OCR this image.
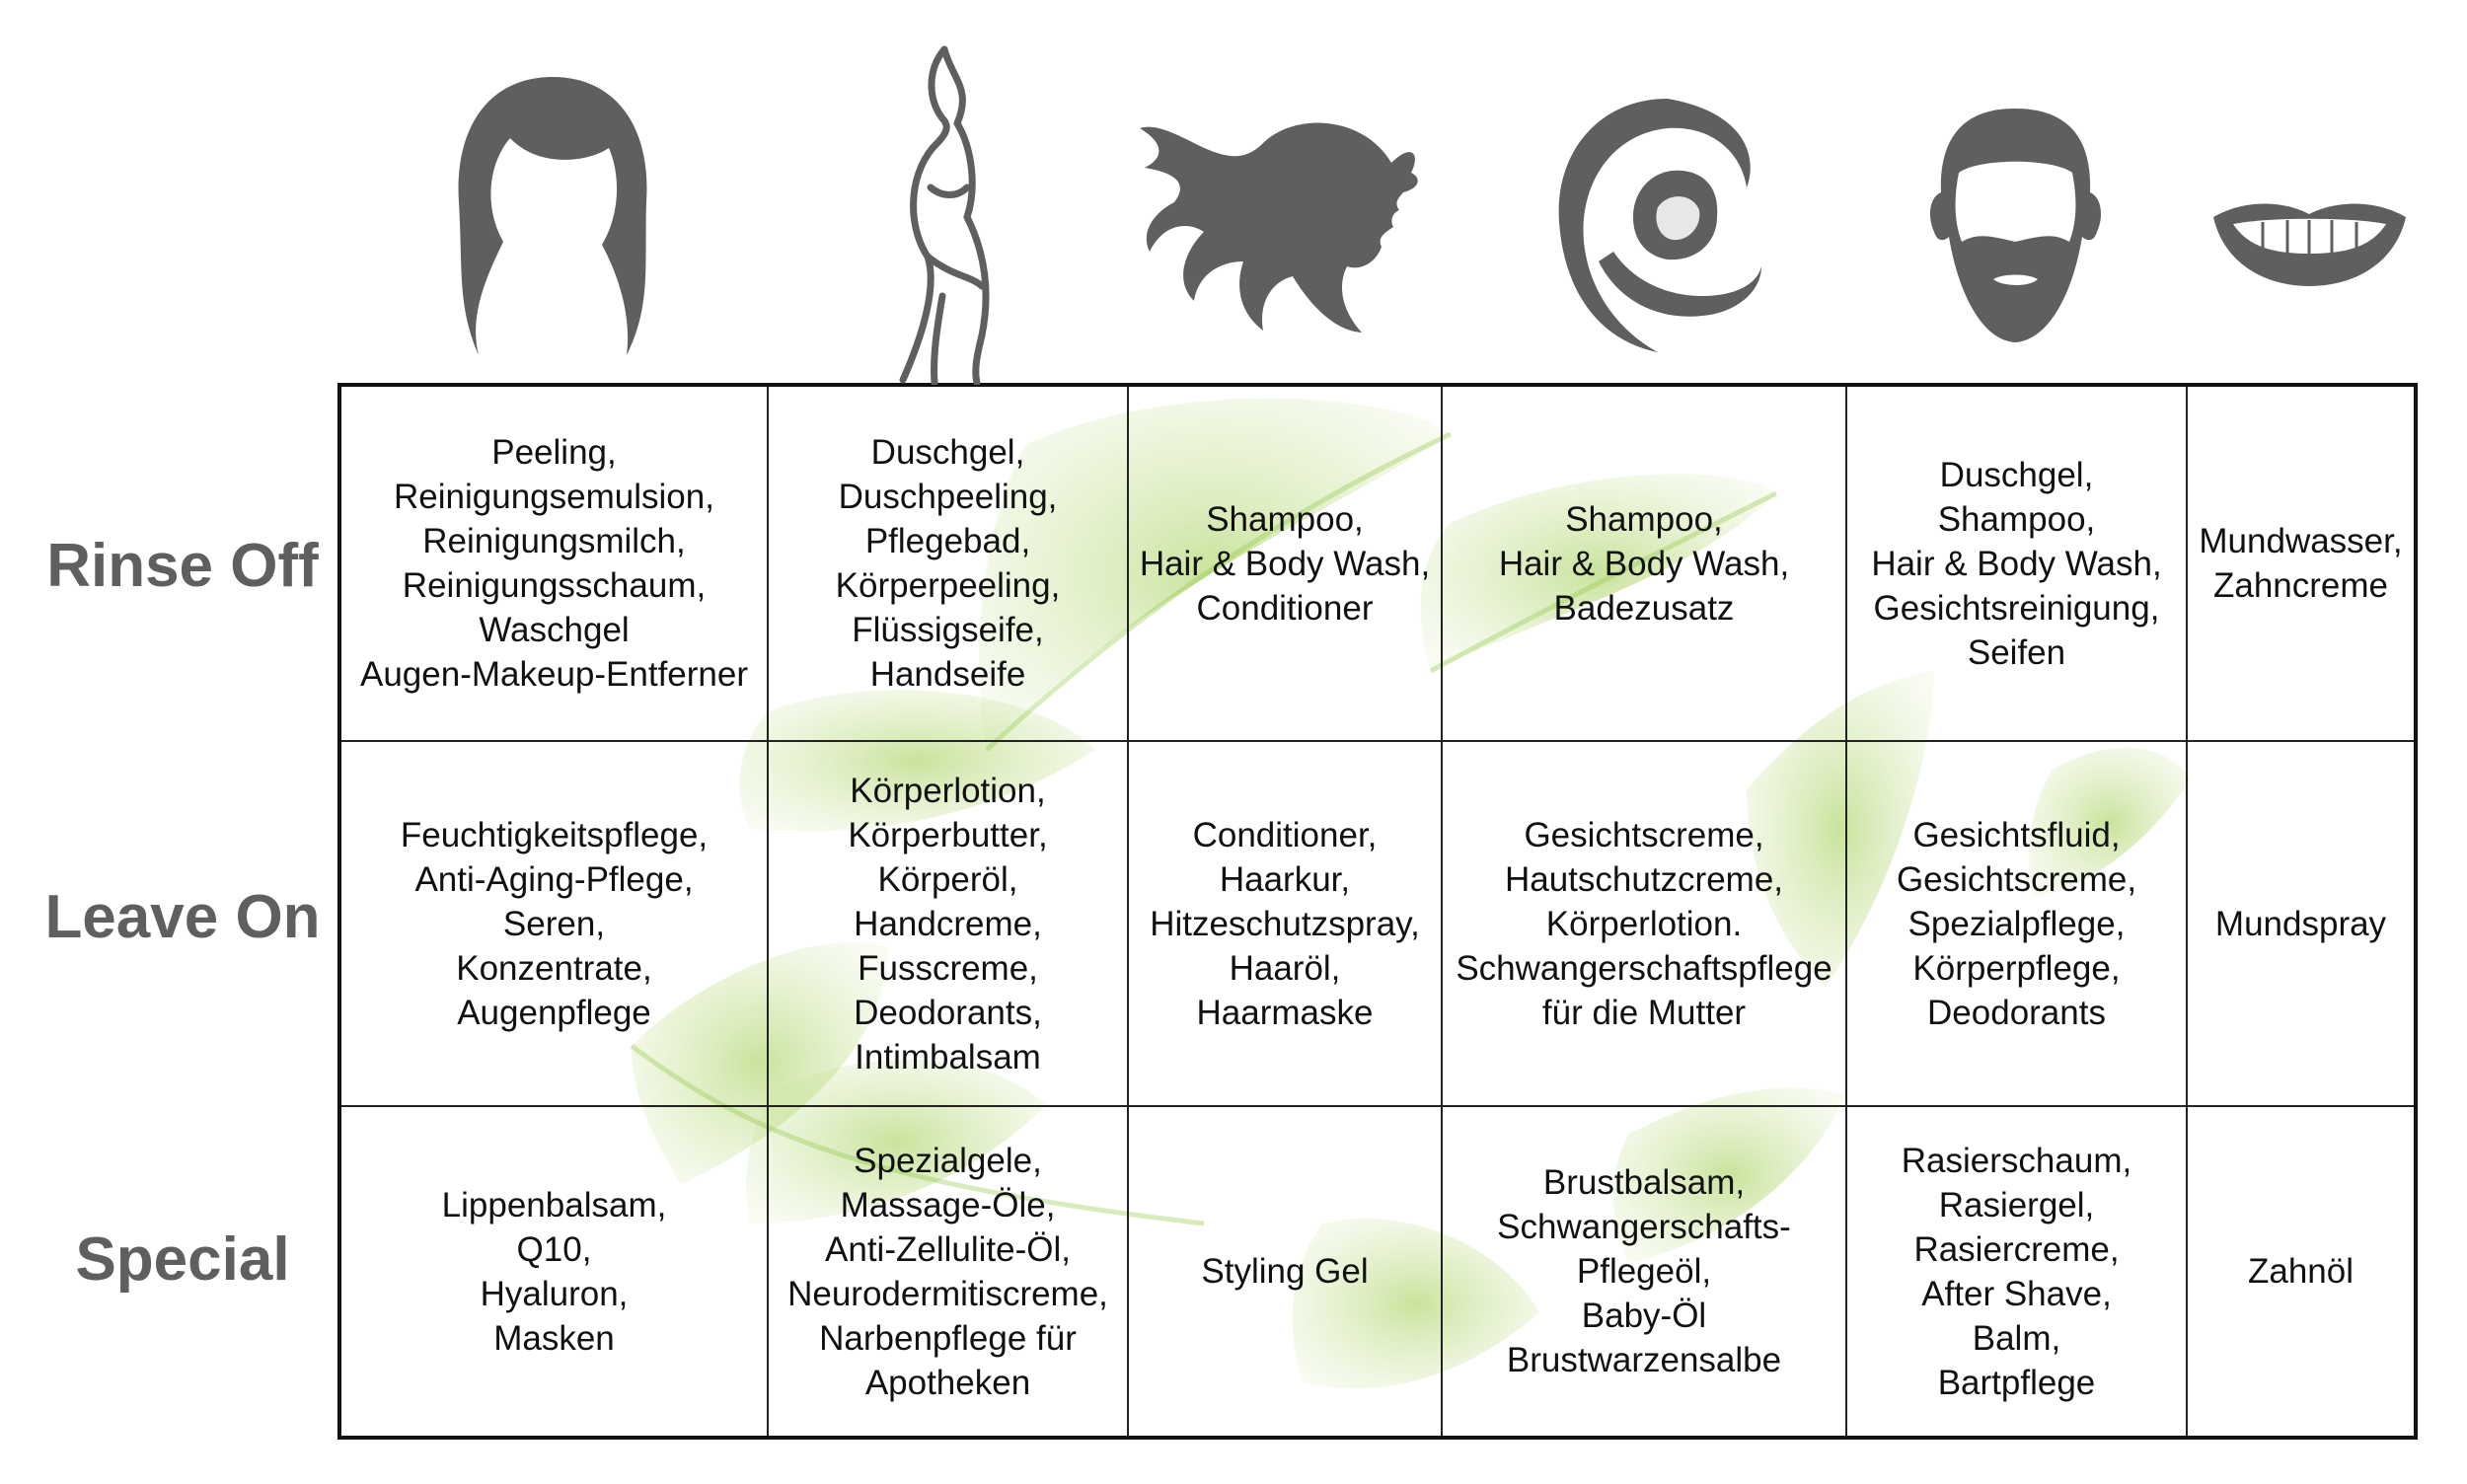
Rinse Off
Leave On
Special
Peeling,
Reinigungsemulsion,
Reinigungsmilch,
Reinigungsschaum,
Waschgel
Augen-Makeup-Entferner
Duschgel,
Duschpeeling,
Pflegebad,
Körperpeeling,
Flüssigseife,
Handseife
Shampoo,
Hair & Body Wash,
Conditioner
Shampoo,
Hair & Body Wash,
Badezusatz
Duschgel,
Shampoo,
Hair & Body Wash,
Gesichtsreinigung,
Seifen
Mundwasser,
Zahncreme
Feuchtigkeitspflege,
Anti-Aging-Pflege,
Seren,
Konzentrate,
Augenpflege
Körperlotion,
Körperbutter,
Körperöl,
Handcreme,
Fusscreme,
Deodorants,
Intimbalsam
Conditioner,
Haarkur,
Hitzeschutzspray,
Haaröl,
Haarmaske
Gesichtscreme,
Hautschutzcreme,
Körperlotion.
Schwangerschaftspflege
für die Mutter
Gesichtsfluid,
Gesichtscreme,
Spezialpflege,
Körperpflege,
Deodorants
Mundspray
Lippenbalsam,
Q10,
Hyaluron,
Masken
Spezialgele,
Massage-Öle,
Anti-Zellulite-Öl,
Neurodermitiscreme,
Narbenpflege für
Apotheken
Styling Gel
Brustbalsam,
Schwangerschafts-
Pflegeöl,
Baby-Öl
Brustwarzensalbe
Rasierschaum,
Rasiergel,
Rasiercreme,
After Shave,
Balm,
Bartpflege
Zahnöl
